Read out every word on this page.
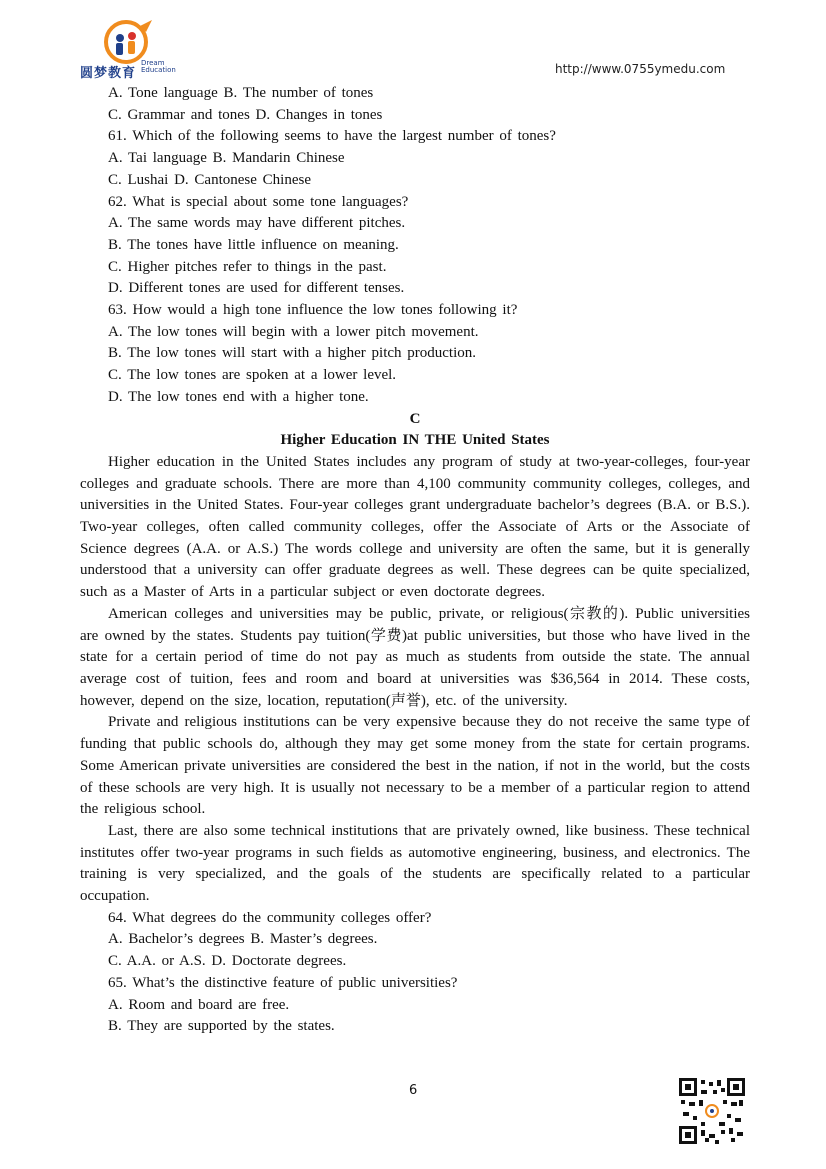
圆梦教育
Dream Education	http://www.0755ymedu.com

A. Tone language B. The number of tones

C. Grammar and tones D. Changes in tones

61. Which of the following seems to have the largest number of tones?

A. Tai language B. Mandarin Chinese

C. Lushai D. Cantonese Chinese

62. What is special about some tone languages?

A. The same words may have different pitches.

B. The tones have little influence on meaning.

C. Higher pitches refer to things in the past.

D. Different tones are used for different tenses.

63. How would a high tone influence the low tones following it?

A. The low tones will begin with a lower pitch movement.

B. The low tones will start with a higher pitch production.

C. The low tones are spoken at a lower level.

D. The low tones end with a higher tone.

C

Higher Education IN THE United States

Higher education in the United States includes any program of study at two-year-colleges, four-year colleges and graduate schools. There are more than 4,100 community community colleges, colleges, and universities in the United States. Four-year colleges grant undergraduate bachelor’s degrees (B.A. or B.S.). Two-year colleges, often called community colleges, offer the Associate of Arts or the Associate of Science degrees (A.A. or A.S.) The words college and university are often the same, but it is generally understood that a university can offer graduate degrees as well. These degrees can be quite specialized, such as a Master of Arts in a particular subject or even doctorate degrees.

American colleges and universities may be public, private, or religious(宗教的). Public universities are owned by the states. Students pay tuition(学费)at public universities, but those who have lived in the state for a certain period of time do not pay as much as students from outside the state. The annual average cost of tuition, fees and room and board at universities was $36,564 in 2014. These costs, however, depend on the size, location, reputation(声誉), etc. of the university.

Private and religious institutions can be very expensive because they do not receive the same type of funding that public schools do, although they may get some money from the state for certain programs. Some American private universities are considered the best in the nation, if not in the world, but the costs of these schools are very high. It is usually not necessary to be a member of a particular region to attend the religious school.

Last, there are also some technical institutions that are privately owned, like business. These technical institutes offer two-year programs in such fields as automotive engineering, business, and electronics. The training is very specialized, and the goals of the students are specifically related to a particular occupation.

64. What degrees do the community colleges offer?

A. Bachelor’s degrees B. Master’s degrees.

C. A.A. or A.S. D. Doctorate degrees.

65. What’s the distinctive feature of public universities?

A. Room and board are free.

B. They are supported by the states.

6
